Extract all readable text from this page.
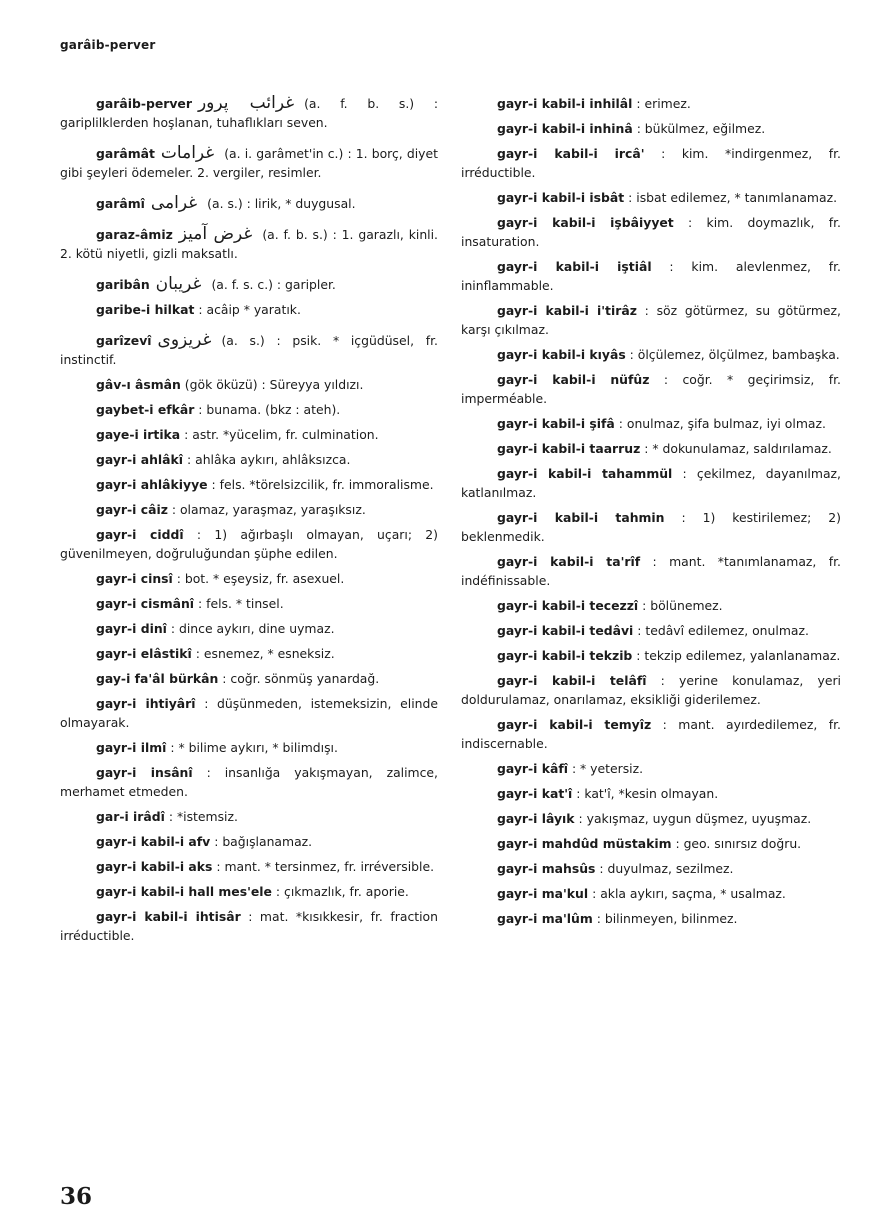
garâib-perver
garâib-perver غرائب پرور (a. f. b. s.) : gariplilklerden hoşlanan, tuhaflıkları seven.
garâmât غرامات (a. i. garâmet'in c.) : 1. borç, diyet gibi şeyleri ödemeler. 2. vergiler, resimler.
garâmî غرامی (a. s.) : lirik, * duygusal.
garaz-âmiz غرض آمیز (a. f. b. s.) : 1. garazlı, kinli. 2. kötü niyetli, gizli maksatlı.
garibân غریبان (a. f. s. c.) : garipler.
garibe-i hilkat : acâip * yaratık.
garîzevî غریزوی (a. s.) : psik. * içgüdüsel, fr. instinctif.
gâv-ı âsmân (gök öküzü) : Süreyya yıldızı.
gaybet-i efkâr : bunama. (bkz : ateh).
gaye-i irtika : astr. *yücelim, fr. culmination.
gayr-i ahlâkî : ahlâka aykırı, ahlâksızca.
gayr-i ahlâkiyye : fels. *törelsizcilik, fr. immoralisme.
gayr-i câiz : olamaz, yaraşmaz, yaraşıksız.
gayr-i ciddî : 1) ağırbaşlı olmayan, uçarı; 2) güvenilmeyen, doğruluğundan şüphe edilen.
gayr-i cinsî : bot. * eşeysiz, fr. asexuel.
gayr-i cismânî : fels. * tinsel.
gayr-i dinî : dince aykırı, dine uymaz.
gayr-i elâstikî : esnemez, * esneksiz.
gay-i fa'âl bürkân : coğr. sönmüş yanardağ.
gayr-i ihtiyârî : düşünmeden, istemeksizin, elinde olmayarak.
gayr-i ilmî : * bilime aykırı, * bilimdışı.
gayr-i insânî : insanlığa yakışmayan, zalimce, merhamet etmeden.
gar-i irâdî : *istemsiz.
gayr-i kabil-i afv : bağışlanamaz.
gayr-i kabil-i aks : mant. * tersinmez, fr. irréversible.
gayr-i kabil-i hall mes'ele : çıkmazlık, fr. aporie.
gayr-i kabil-i ihtisâr : mat. *kısıkkesir, fr. fraction irréductible.
gayr-i kabil-i inhilâl : erimez.
gayr-i kabil-i inhinâ : bükülmez, eğilmez.
gayr-i kabil-i ircâ' : kim. *indirgenmez, fr. irréductible.
gayr-i kabil-i isbât : isbat edilemez, * tanımlanamaz.
gayr-i kabil-i işbâiyyet : kim. doymazlık, fr. insaturation.
gayr-i kabil-i iştiâl : kim. alevlenmez, fr. ininflammable.
gayr-i kabil-i i'tirâz : söz götürmez, su götürmez, karşı çıkılmaz.
gayr-i kabil-i kıyâs : ölçülemez, ölçülmez, bambaşka.
gayr-i kabil-i nüfûz : coğr. * geçirimsiz, fr. imperméable.
gayr-i kabil-i şifâ : onulmaz, şifa bulmaz, iyi olmaz.
gayr-i kabil-i taarruz : * dokunulamaz, saldırılamaz.
gayr-i kabil-i tahammül : çekilmez, dayanılmaz, katlanılmaz.
gayr-i kabil-i tahmin : 1) kestirilemez; 2) beklenmedik.
gayr-i kabil-i ta'rîf : mant. *tanımlanamaz, fr. indéfinissable.
gayr-i kabil-i tecezzî : bölünemez.
gayr-i kabil-i tedâvi : tedâvî edilemez, onulmaz.
gayr-i kabil-i tekzib : tekzip edilemez, yalanlanamaz.
gayr-i kabil-i telâfî : yerine konulamaz, yeri doldurulamaz, onarılamaz, eksikliği giderilemez.
gayr-i kabil-i temyîz : mant. ayırdedilemez, fr. indiscernable.
gayr-i kâfî : * yetersiz.
gayr-i kat'î : kat'î, *kesin olmayan.
gayr-i lâyık : yakışmaz, uygun düşmez, uyuşmaz.
gayr-i mahdûd müstakim : geo. sınırsız doğru.
gayr-i mahsûs : duyulmaz, sezilmez.
gayr-i ma'kul : akla aykırı, saçma, * usalmaz.
gayr-i ma'lûm : bilinmeyen, bilinmez.
36
